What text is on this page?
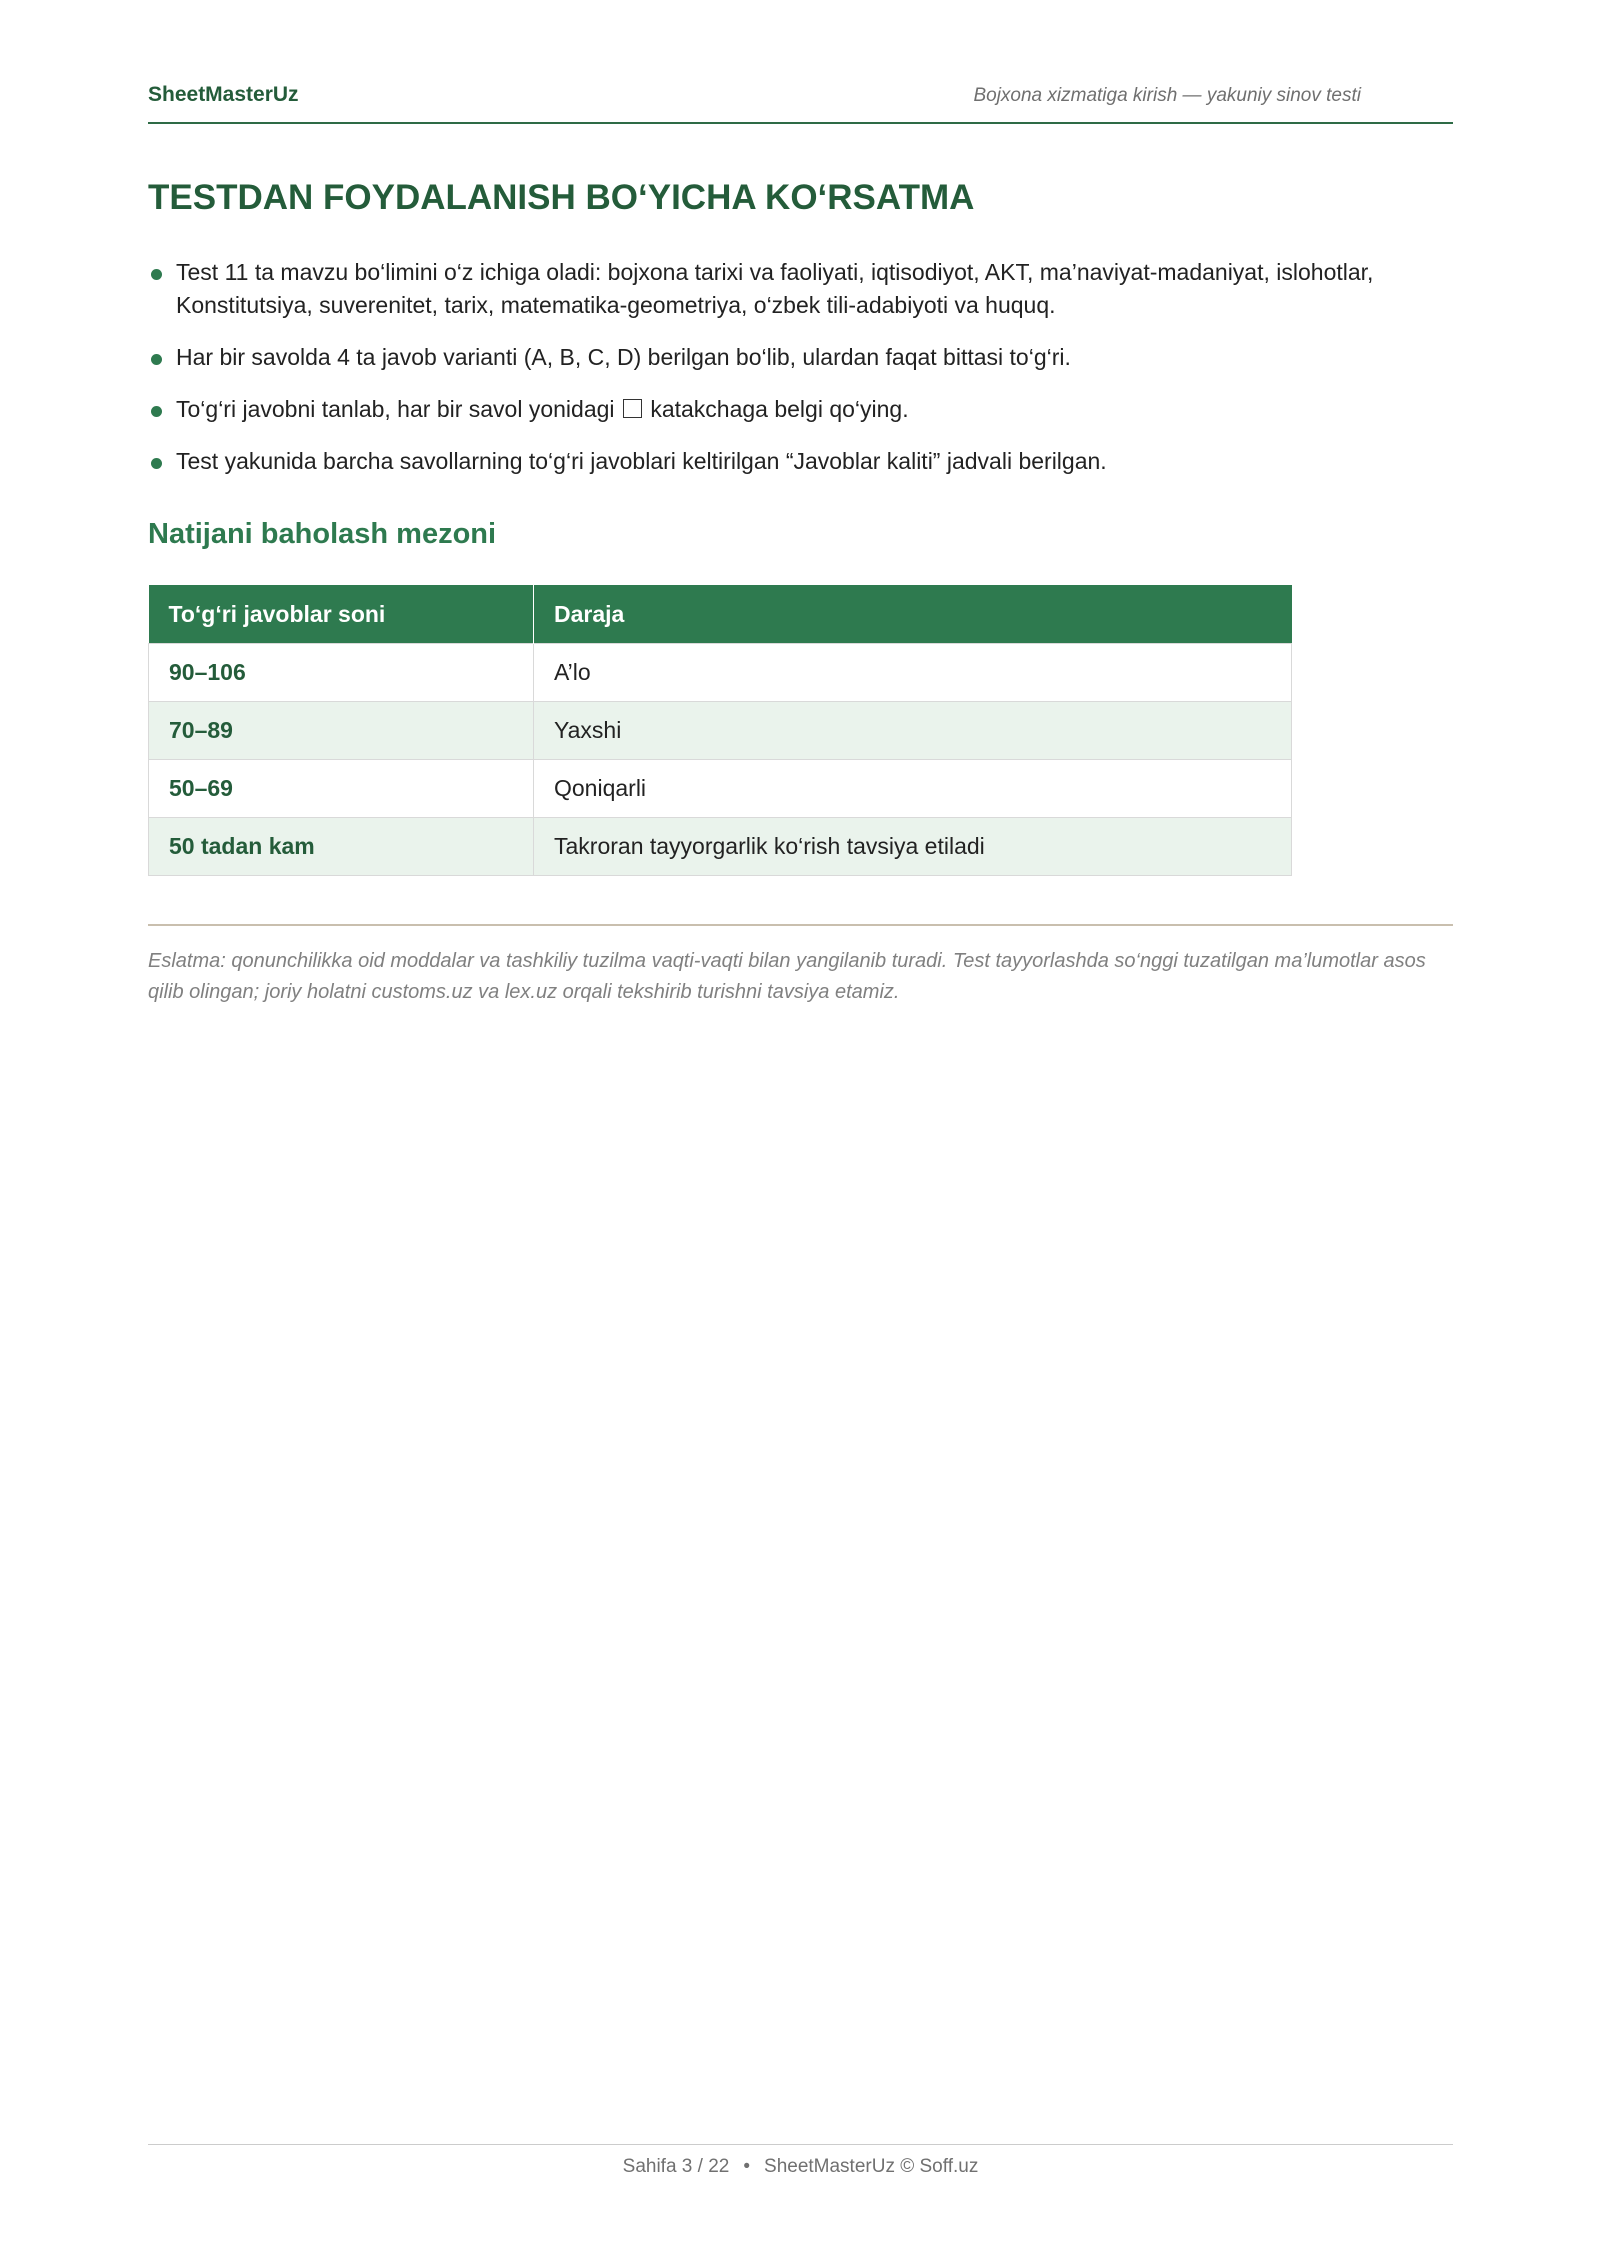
SheetMasterUz	Bojxona xizmatiga kirish — yakuniy sinov testi
TESTDAN FOYDALANISH BO‘YICHA KO‘RSATMA
Test 11 ta mavzu bo‘limini o‘z ichiga oladi: bojxona tarixi va faoliyati, iqtisodiyot, AKT, ma’naviyat-madaniyat, islohotlar, Konstitutsiya, suverenitet, tarix, matematika-geometriya, o‘zbek tili-adabiyoti va huquq.
Har bir savolda 4 ta javob varianti (A, B, C, D) berilgan bo‘lib, ulardan faqat bittasi to‘g‘ri.
To‘g‘ri javobni tanlab, har bir savol yonidagi katakchaga belgi qo‘ying.
Test yakunida barcha savollarning to‘g‘ri javoblari keltirilgan “Javoblar kaliti” jadvali berilgan.
Natijani baholash mezoni
To‘g‘ri javoblar soni	Daraja
90–106	A’lo
70–89	Yaxshi
50–69	Qoniqarli
50 tadan kam	Takroran tayyorgarlik ko‘rish tavsiya etiladi

Eslatma: qonunchilikka oid moddalar va tashkiliy tuzilma vaqti-vaqti bilan yangilanib turadi. Test tayyorlashda so‘nggi tuzatilgan ma’lumotlar asos qilib olingan; joriy holatni customs.uz va lex.uz orqali tekshirib turishni tavsiya etamiz.

Sahifa 3 / 22 • SheetMasterUz © Soff.uz
